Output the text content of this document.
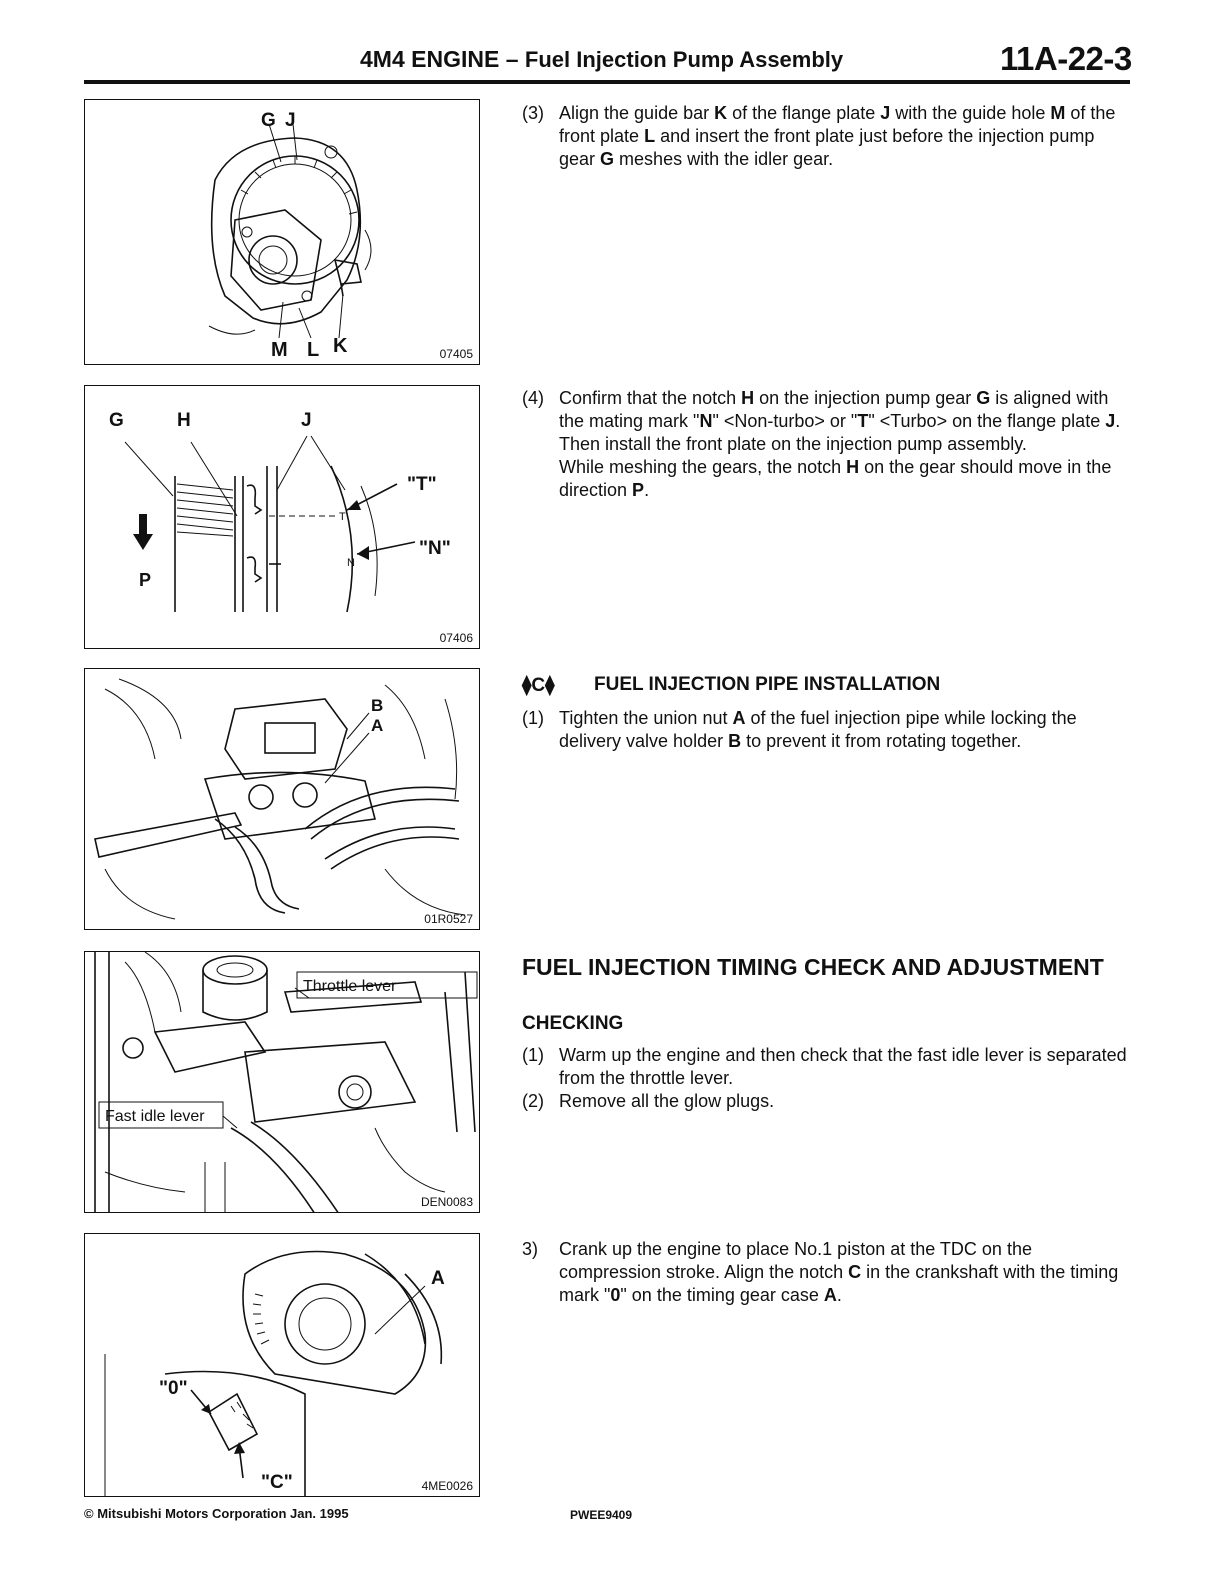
4M4 ENGINE – Fuel Injection Pump Assembly	11A-22-3
G J
M L K	07405
G	H	J
"T"
"N"
P
T
N
07406
B
A
01R0527
Throttle lever
Fast idle lever
DEN0083
A
"0"
"C"	4ME0026
(3) Align the guide bar K of the flange plate J with the guide hole M of the front plate L and insert the front plate just before the injection pump gear G meshes with the idler gear.
(4) Confirm that the notch H on the injection pump gear G is aligned with the mating mark "N" <Non-turbo> or "T" <Turbo> on the flange plate J. Then install the front plate on the injection pump assembly.
While meshing the gears, the notch H on the gear should move in the direction P.
⧫C⧫ FUEL INJECTION PIPE INSTALLATION
(1) Tighten the union nut A of the fuel injection pipe while locking the delivery valve holder B to prevent it from rotating together.
FUEL INJECTION TIMING CHECK AND ADJUSTMENT
CHECKING
(1) Warm up the engine and then check that the fast idle lever is separated from the throttle lever.
(2) Remove all the glow plugs.
3) Crank up the engine to place No.1 piston at the TDC on the compression stroke. Align the notch C in the crankshaft with the timing mark "0" on the timing gear case A.
© Mitsubishi Motors Corporation Jan. 1995	PWEE9409
